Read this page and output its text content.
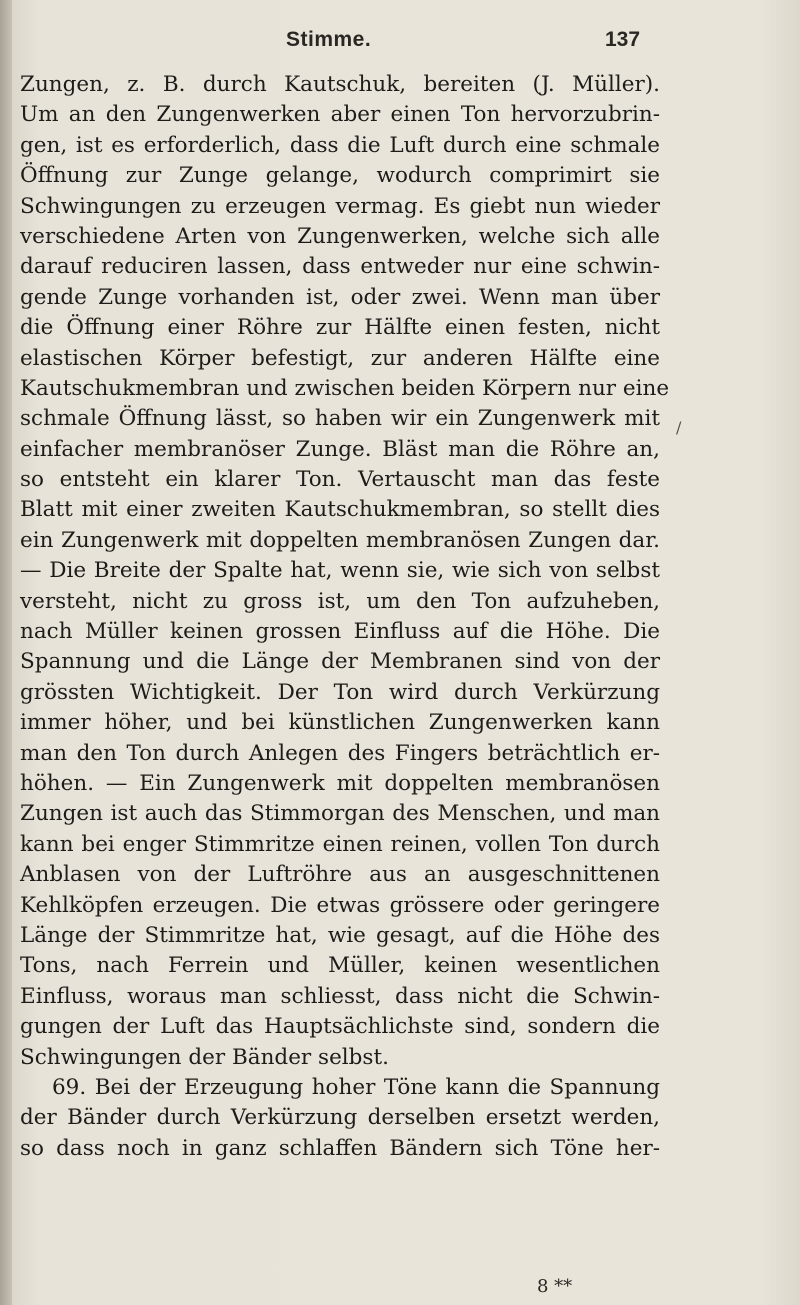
Stimme.	137
Zungen, z. B. durch Kautschuk, bereiten (J. Müller).
Um an den Zungenwerken aber einen Ton hervorzubrin-
gen, ist es erforderlich, dass die Luft durch eine schmale
Öffnung zur Zunge gelange, wodurch comprimirt sie
Schwingungen zu erzeugen vermag. Es giebt nun wieder
verschiedene Arten von Zungenwerken, welche sich alle
darauf reduciren lassen, dass entweder nur eine schwin-
gende Zunge vorhanden ist, oder zwei. Wenn man über
die Öffnung einer Röhre zur Hälfte einen festen, nicht
elastischen Körper befestigt, zur anderen Hälfte eine
Kautschukmembran und zwischen beiden Körpern nur eine
schmale Öffnung lässt, so haben wir ein Zungenwerk mit
einfacher membranöser Zunge. Bläst man die Röhre an,
so entsteht ein klarer Ton. Vertauscht man das feste
Blatt mit einer zweiten Kautschukmembran, so stellt dies
ein Zungenwerk mit doppelten membranösen Zungen dar.
— Die Breite der Spalte hat, wenn sie, wie sich von selbst
versteht, nicht zu gross ist, um den Ton aufzuheben,
nach Müller keinen grossen Einfluss auf die Höhe. Die
Spannung und die Länge der Membranen sind von der
grössten Wichtigkeit. Der Ton wird durch Verkürzung
immer höher, und bei künstlichen Zungenwerken kann
man den Ton durch Anlegen des Fingers beträchtlich er-
höhen. — Ein Zungenwerk mit doppelten membranösen
Zungen ist auch das Stimmorgan des Menschen, und man
kann bei enger Stimmritze einen reinen, vollen Ton durch
Anblasen von der Luftröhre aus an ausgeschnittenen
Kehlköpfen erzeugen. Die etwas grössere oder geringere
Länge der Stimmritze hat, wie gesagt, auf die Höhe des
Tons, nach Ferrein und Müller, keinen wesentlichen
Einfluss, woraus man schliesst, dass nicht die Schwin-
gungen der Luft das Hauptsächlichste sind, sondern die
Schwingungen der Bänder selbst.
69. Bei der Erzeugung hoher Töne kann die Spannung
der Bänder durch Verkürzung derselben ersetzt werden,
so dass noch in ganz schlaffen Bändern sich Töne her-
/
8 **
